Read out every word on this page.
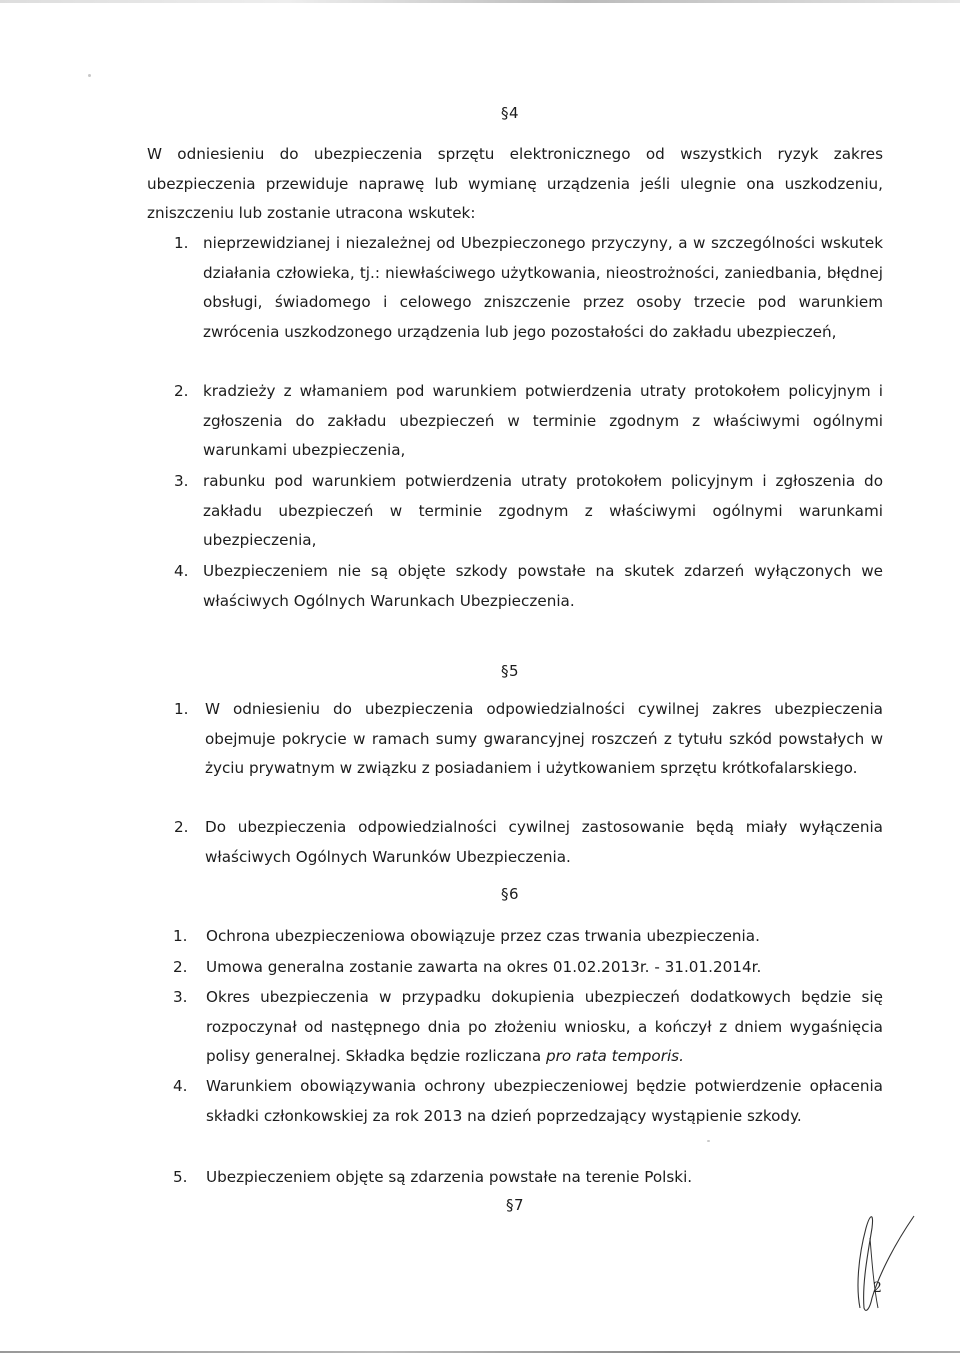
§4

W odniesieniu do ubezpieczenia sprzętu elektronicznego od wszystkich ryzyk zakres ubezpieczenia przewiduje naprawę lub wymianę urządzenia jeśli ulegnie ona uszkodzeniu, zniszczeniu lub zostanie utracona wskutek:

1. nieprzewidzianej i niezależnej od Ubezpieczonego przyczyny, a w szczególności wskutek działania człowieka, tj.: niewłaściwego użytkowania, nieostrożności, zaniedbania, błędnej obsługi, świadomego i celowego zniszczenie przez osoby trzecie pod warunkiem zwrócenia uszkodzonego urządzenia lub jego pozostałości do zakładu ubezpieczeń,
2. kradzieży z włamaniem pod warunkiem potwierdzenia utraty protokołem policyjnym i zgłoszenia do zakładu ubezpieczeń w terminie zgodnym z właściwymi ogólnymi warunkami ubezpieczenia,
3. rabunku pod warunkiem potwierdzenia utraty protokołem policyjnym i zgłoszenia do zakładu ubezpieczeń w terminie zgodnym z właściwymi ogólnymi warunkami ubezpieczenia,
4. Ubezpieczeniem nie są objęte szkody powstałe na skutek zdarzeń wyłączonych we właściwych Ogólnych Warunkach Ubezpieczenia.
§5
1. W odniesieniu do ubezpieczenia odpowiedzialności cywilnej zakres ubezpieczenia obejmuje pokrycie w ramach sumy gwarancyjnej roszczeń z tytułu szkód powstałych w życiu prywatnym w związku z posiadaniem i użytkowaniem sprzętu krótkofalarskiego.
2. Do ubezpieczenia odpowiedzialności cywilnej zastosowanie będą miały wyłączenia właściwych Ogólnych Warunków Ubezpieczenia.
§6
1. Ochrona ubezpieczeniowa obowiązuje przez czas trwania ubezpieczenia.
2. Umowa generalna zostanie zawarta na okres 01.02.2013r. - 31.01.2014r.
3. Okres ubezpieczenia w przypadku dokupienia ubezpieczeń dodatkowych będzie się rozpoczynał od następnego dnia po złożeniu wniosku, a kończył z dniem wygaśnięcia polisy generalnej. Składka będzie rozliczana pro rata temporis.
4. Warunkiem obowiązywania ochrony ubezpieczeniowej będzie potwierdzenie opłacenia składki członkowskiej za rok 2013 na dzień poprzedzający wystąpienie szkody.
5. Ubezpieczeniem objęte są zdarzenia powstałe na terenie Polski.
§7
2
